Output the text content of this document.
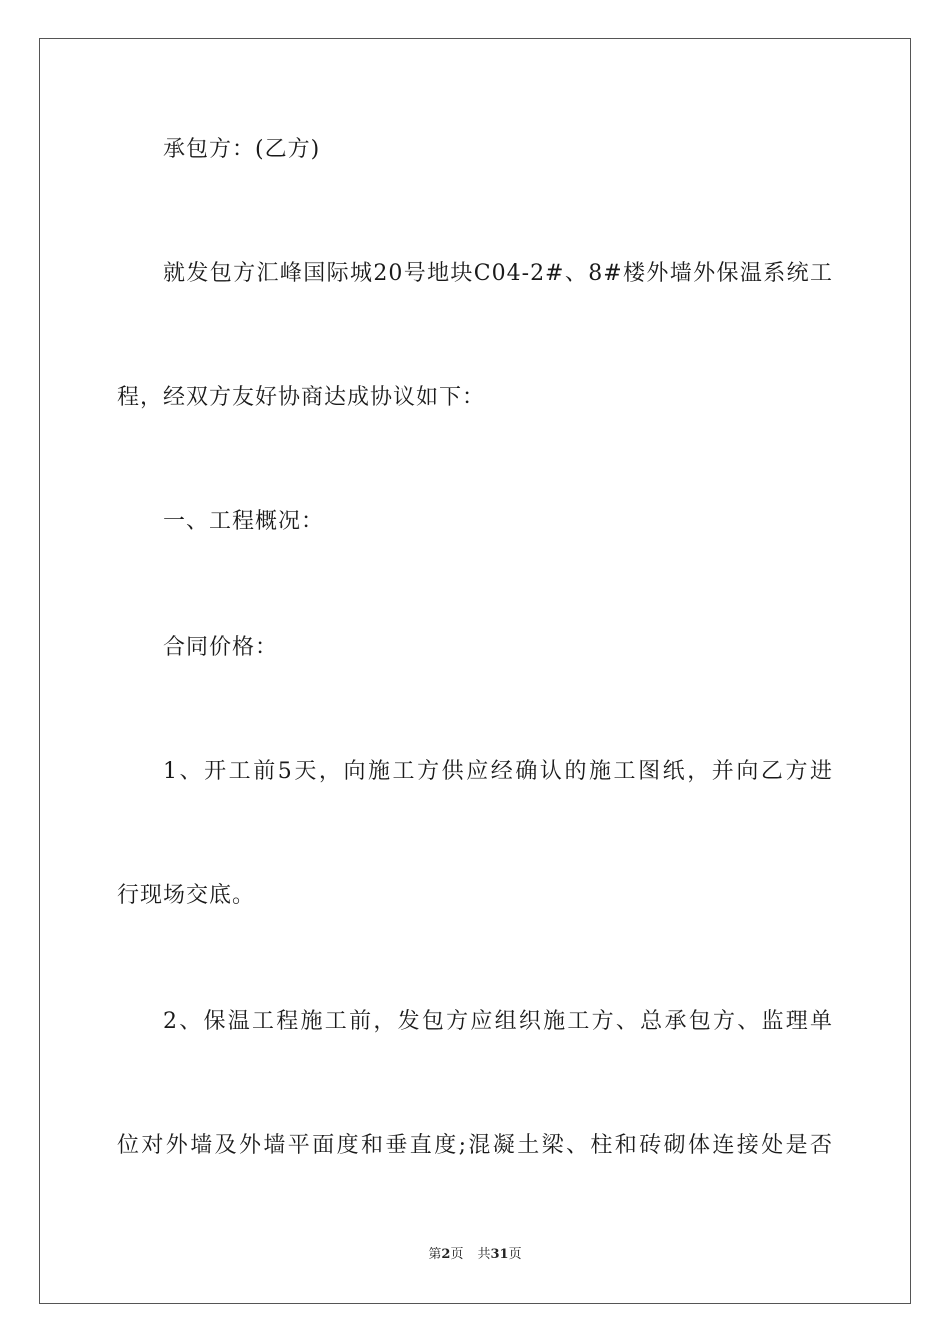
承包方：(乙方)
就发包方汇峰国际城20号地块C04-2#、8#楼外墙外保温系统工
程，经双方友好协商达成协议如下：
一、工程概况：
合同价格：
1、开工前5天，向施工方供应经确认的施工图纸，并向乙方进
行现场交底。
2、保温工程施工前，发包方应组织施工方、总承包方、监理单
位对外墙及外墙平面度和垂直度;混凝土梁、柱和砖砌体连接处是否
第2页 共31页
